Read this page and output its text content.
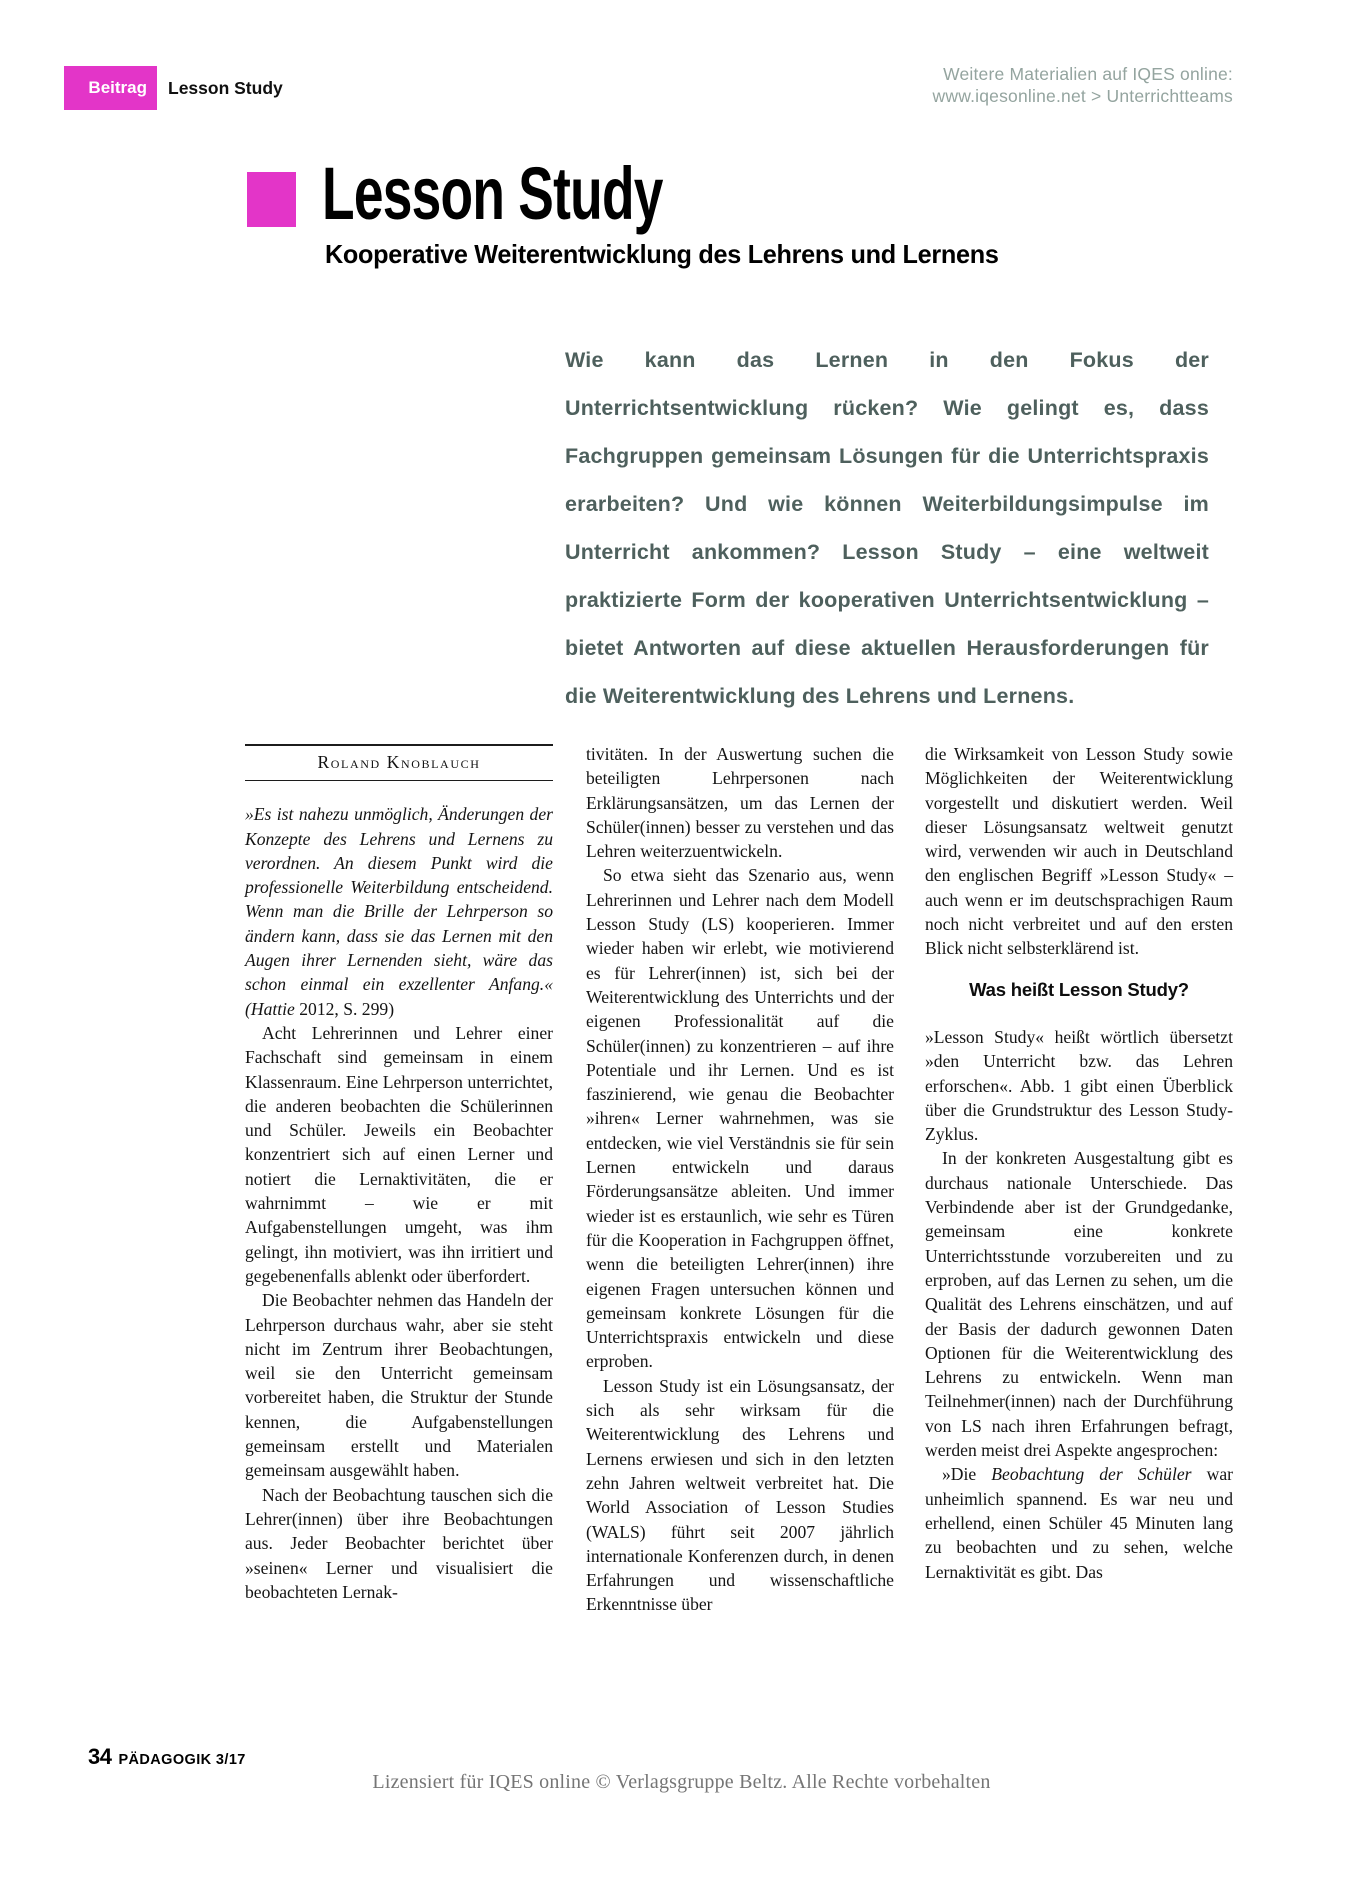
Beitrag Lesson Study
Weitere Materialien auf IQES online:
www.iqesonline.net > Unterrichtteams
Lesson Study
Kooperative Weiterentwicklung des Lehrens und Lernens
Wie kann das Lernen in den Fokus der Unterrichtsentwicklung rücken? Wie gelingt es, dass Fachgruppen gemeinsam Lösungen für die Unterrichtspraxis erarbeiten? Und wie können Weiterbildungsimpulse im Unterricht ankommen? Lesson Study – eine weltweit praktizierte Form der kooperativen Unterrichtsentwicklung – bietet Antworten auf diese aktuellen Herausforderungen für die Weiterentwicklung des Lehrens und Lernens.
Roland Knoblauch

»Es ist nahezu unmöglich, Änderungen der Konzepte des Lehrens und Lernens zu verordnen. An diesem Punkt wird die professionelle Weiterbildung entscheidend. Wenn man die Brille der Lehrperson so ändern kann, dass sie das Lernen mit den Augen ihrer Lernenden sieht, wäre das schon einmal ein exzellenter Anfang.« (Hattie 2012, S. 299)

Acht Lehrerinnen und Lehrer einer Fachschaft sind gemeinsam in einem Klassenraum. Eine Lehrperson unterrichtet, die anderen beobachten die Schülerinnen und Schüler. Jeweils ein Beobachter konzentriert sich auf einen Lerner und notiert die Lernaktivitäten, die er wahrnimmt – wie er mit Aufgabenstellungen umgeht, was ihm gelingt, ihn motiviert, was ihn irritiert und gegebenenfalls ablenkt oder überfordert.

Die Beobachter nehmen das Handeln der Lehrperson durchaus wahr, aber sie steht nicht im Zentrum ihrer Beobachtungen, weil sie den Unterricht gemeinsam vorbereitet haben, die Struktur der Stunde kennen, die Aufgabenstellungen gemeinsam erstellt und Materialen gemeinsam ausgewählt haben.

Nach der Beobachtung tauschen sich die Lehrer(innen) über ihre Beobachtungen aus. Jeder Beobachter berichtet über »seinen« Lerner und visualisiert die beobachteten Lernak-

tivitäten. In der Auswertung suchen die beteiligten Lehrpersonen nach Erklärungsansätzen, um das Lernen der Schüler(innen) besser zu verstehen und das Lehren weiterzuentwickeln.

So etwa sieht das Szenario aus, wenn Lehrerinnen und Lehrer nach dem Modell Lesson Study (LS) kooperieren. Immer wieder haben wir erlebt, wie motivierend es für Lehrer(innen) ist, sich bei der Weiterentwicklung des Unterrichts und der eigenen Professionalität auf die Schüler(innen) zu konzentrieren – auf ihre Potentiale und ihr Lernen. Und es ist faszinierend, wie genau die Beobachter »ihren« Lerner wahrnehmen, was sie entdecken, wie viel Verständnis sie für sein Lernen entwickeln und daraus Förderungsansätze ableiten. Und immer wieder ist es erstaunlich, wie sehr es Türen für die Kooperation in Fachgruppen öffnet, wenn die beteiligten Lehrer(innen) ihre eigenen Fragen untersuchen können und gemeinsam konkrete Lösungen für die Unterrichtspraxis entwickeln und diese erproben.

Lesson Study ist ein Lösungsansatz, der sich als sehr wirksam für die Weiterentwicklung des Lehrens und Lernens erwiesen und sich in den letzten zehn Jahren weltweit verbreitet hat. Die World Association of Lesson Studies (WALS) führt seit 2007 jährlich internationale Konferenzen durch, in denen Erfahrungen und wissenschaftliche Erkenntnisse über

die Wirksamkeit von Lesson Study sowie Möglichkeiten der Weiterentwicklung vorgestellt und diskutiert werden. Weil dieser Lösungsansatz weltweit genutzt wird, verwenden wir auch in Deutschland den englischen Begriff »Lesson Study« – auch wenn er im deutschsprachigen Raum noch nicht verbreitet und auf den ersten Blick nicht selbsterklärend ist.

Was heißt Lesson Study?

»Lesson Study« heißt wörtlich übersetzt »den Unterricht bzw. das Lehren erforschen«. Abb. 1 gibt einen Überblick über die Grundstruktur des Lesson Study-Zyklus.

In der konkreten Ausgestaltung gibt es durchaus nationale Unterschiede. Das Verbindende aber ist der Grundgedanke, gemeinsam eine konkrete Unterrichtsstunde vorzubereiten und zu erproben, auf das Lernen zu sehen, um die Qualität des Lehrens einschätzen, und auf der Basis der dadurch gewonnen Daten Optionen für die Weiterentwicklung des Lehrens zu entwickeln. Wenn man Teilnehmer(innen) nach der Durchführung von LS nach ihren Erfahrungen befragt, werden meist drei Aspekte angesprochen:

»Die Beobachtung der Schüler war unheimlich spannend. Es war neu und erhellend, einen Schüler 45 Minuten lang zu beobachten und zu sehen, welche Lernaktivität es gibt. Das

34 PÄDAGOGIK 3/17
Lizensiert für IQES online © Verlagsgruppe Beltz. Alle Rechte vorbehalten
